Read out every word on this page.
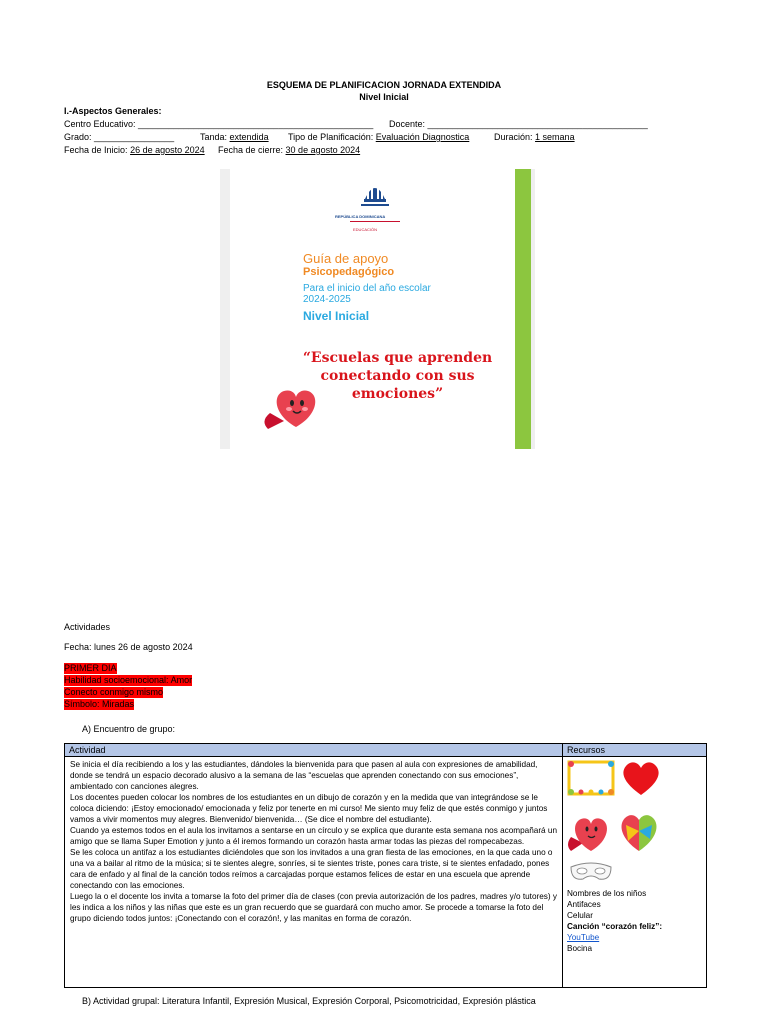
ESQUEMA DE PLANIFICACION JORNADA EXTENDIDA
Nivel Inicial
I.-Aspectos Generales:
Centro Educativo: _______________________________________________ Docente: ____________________________________________
Grado: ________________	Tanda: extendida Tipo de Planificación: Evaluación Diagnostica	Duración: 1 semana
Fecha de Inicio: 26 de agosto 2024 Fecha de cierre: 30 de agosto 2024
REPÚBLICA DOMINICANA
EDUCACIÓN
Guía de apoyo
Psicopedagógico
Para el inicio del año escolar
2024-2025
Nivel Inicial
“Escuelas que aprenden conectando con sus emociones”
Actividades
Fecha: lunes 26 de agosto 2024
PRIMER DIA
Habilidad socioemocional: Amor
Conecto conmigo mismo
Símbolo: Miradas
A) Encuentro de grupo:
Actividad	Recursos
Se inicia el día recibiendo a los y las estudiantes, dándoles la bienvenida para que pasen al aula con expresiones de amabilidad, donde se tendrá un espacio decorado alusivo a la semana de las “escuelas que aprenden conectando con sus emociones”, ambientado con canciones alegres.
Los docentes pueden colocar los nombres de los estudiantes en un dibujo de corazón y en la medida que van integrándose se le coloca diciendo: ¡Estoy emocionado/ emocionada y feliz por tenerte en mi curso! Me siento muy feliz de que estés conmigo y juntos vamos a vivir momentos muy alegres. Bienvenido/ bienvenida… (Se dice el nombre del estudiante).
Cuando ya estemos todos en el aula los invitamos a sentarse en un círculo y se explica que durante esta semana nos acompañará un amigo que se llama Super Emotion y junto a él iremos formando un corazón hasta armar todas las piezas del rompecabezas.
Se les coloca un antifaz a los estudiantes diciéndoles que son los invitados a una gran fiesta de las emociones, en la que cada uno o una va a bailar al ritmo de la música; si te sientes alegre, sonríes, si te sientes triste, pones cara triste, si te sientes enfadado, pones cara de enfado y al final de la canción todos reímos a carcajadas porque estamos felices de estar en una escuela que aprende conectando con las emociones.
Luego la o el docente los invita a tomarse la foto del primer día de clases (con previa autorización de los padres, madres y/o tutores) y les indica a los niños y las niñas que este es un gran recuerdo que se guardará con mucho amor. Se procede a tomarse la foto del grupo diciendo todos juntos: ¡Conectando con el corazón!, y las manitas en forma de corazón.
Nombres de los niños
Antifaces
Celular
Canción “corazón feliz”:
YouTube
Bocina
B) Actividad grupal: Literatura Infantil, Expresión Musical, Expresión Corporal, Psicomotricidad, Expresión plástica
